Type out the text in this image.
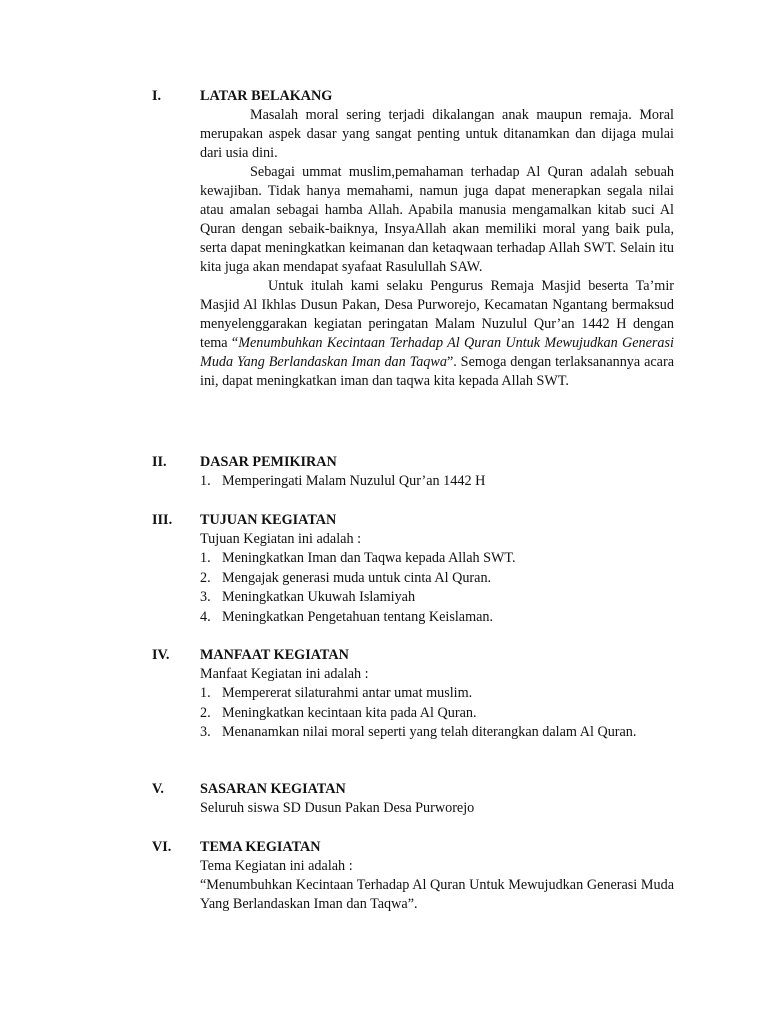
I.	LATAR BELAKANG

Masalah moral sering terjadi dikalangan anak maupun remaja. Moral merupakan aspek dasar yang sangat penting untuk ditanamkan dan dijaga mulai dari usia dini.

Sebagai ummat muslim,pemahaman terhadap Al Quran adalah sebuah kewajiban. Tidak hanya memahami, namun juga dapat menerapkan segala nilai atau amalan sebagai hamba Allah. Apabila manusia mengamalkan kitab suci Al Quran dengan sebaik-baiknya, InsyaAllah akan memiliki moral yang baik pula, serta dapat meningkatkan keimanan dan ketaqwaan terhadap Allah SWT. Selain itu kita juga akan mendapat syafaat Rasulullah SAW.

Untuk itulah kami selaku Pengurus Remaja Masjid beserta Ta’mir Masjid Al Ikhlas Dusun Pakan, Desa Purworejo, Kecamatan Ngantang bermaksud menyelenggarakan kegiatan peringatan Malam Nuzulul Qur’an 1442 H dengan tema “Menumbuhkan Kecintaan Terhadap Al Quran Untuk Mewujudkan Generasi Muda Yang Berlandaskan Iman dan Taqwa”. Semoga dengan terlaksanannya acara ini, dapat meningkatkan iman dan taqwa kita kepada Allah SWT.

II. DASAR PEMIKIRAN
1. Memperingati Malam Nuzulul Qur’an 1442 H
III. TUJUAN KEGIATAN
Tujuan Kegiatan ini adalah :
1. Meningkatkan Iman dan Taqwa kepada Allah SWT.
2. Mengajak generasi muda untuk cinta Al Quran.
3. Meningkatkan Ukuwah Islamiyah
4. Meningkatkan Pengetahuan tentang Keislaman.
IV. MANFAAT KEGIATAN
Manfaat Kegiatan ini adalah :
1. Mempererat silaturahmi antar umat muslim.
2. Meningkatkan kecintaan kita pada Al Quran.
3. Menanamkan nilai moral seperti yang telah diterangkan dalam Al Quran.
V.	SASARAN KEGIATAN
Seluruh siswa SD Dusun Pakan Desa Purworejo
VI. TEMA KEGIATAN
Tema Kegiatan ini adalah :

“Menumbuhkan Kecintaan Terhadap Al Quran Untuk Mewujudkan Generasi Muda Yang Berlandaskan Iman dan Taqwa”.
